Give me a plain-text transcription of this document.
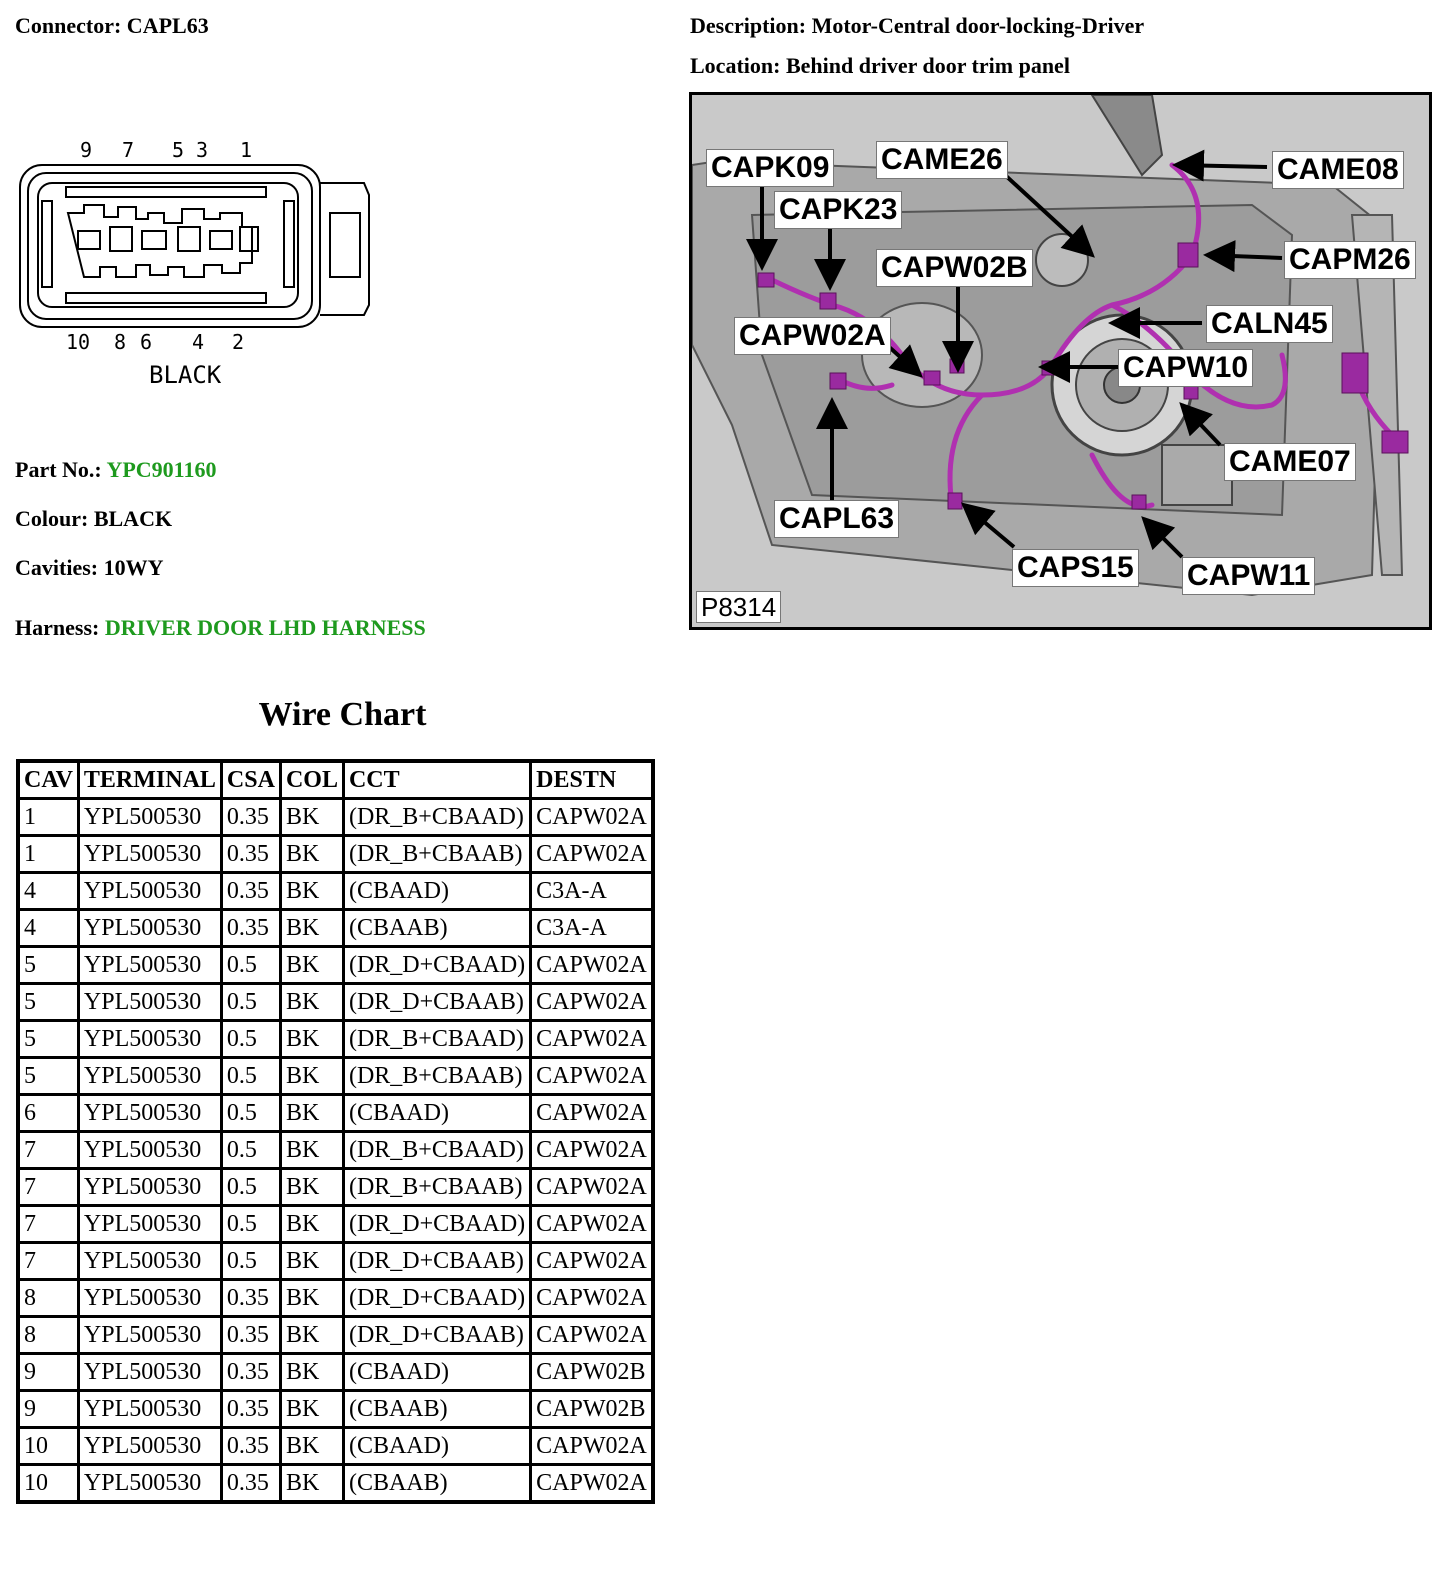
Connector: CAPL63	Description: Motor-Central door-locking-Driver
Location: Behind driver door trim panel
9 7 5 3 1
10 8 6 4 2
BLACK
Part No.: YPC901160
Colour: BLACK
Cavities: 10WY
Harness: DRIVER DOOR LHD HARNESS
CAPK09 CAME26	CAME08
CAPK23
CAPM26
CAPW02B
CALN45
CAPW02A
CAPW10
CAME07
CAPL63
CAPS15 CAPW11
P8314
Wire Chart
CAV	TERMINAL	CSA	COL	CCT	DESTN
1	YPL500530	0.35	BK	(DR_B+CBAAD)	CAPW02A
1	YPL500530	0.35	BK	(DR_B+CBAAB)	CAPW02A
4	YPL500530	0.35	BK	(CBAAD)	C3A-A
4	YPL500530	0.35	BK	(CBAAB)	C3A-A
5	YPL500530	0.5	BK	(DR_D+CBAAD)	CAPW02A
5	YPL500530	0.5	BK	(DR_D+CBAAB)	CAPW02A
5	YPL500530	0.5	BK	(DR_B+CBAAD)	CAPW02A
5	YPL500530	0.5	BK	(DR_B+CBAAB)	CAPW02A
6	YPL500530	0.5	BK	(CBAAD)	CAPW02A
7	YPL500530	0.5	BK	(DR_B+CBAAD)	CAPW02A
7	YPL500530	0.5	BK	(DR_B+CBAAB)	CAPW02A
7	YPL500530	0.5	BK	(DR_D+CBAAD)	CAPW02A
7	YPL500530	0.5	BK	(DR_D+CBAAB)	CAPW02A
8	YPL500530	0.35	BK	(DR_D+CBAAD)	CAPW02A
8	YPL500530	0.35	BK	(DR_D+CBAAB)	CAPW02A
9	YPL500530	0.35	BK	(CBAAD)	CAPW02B
9	YPL500530	0.35	BK	(CBAAB)	CAPW02B
10	YPL500530	0.35	BK	(CBAAD)	CAPW02A
10	YPL500530	0.35	BK	(CBAAB)	CAPW02A
